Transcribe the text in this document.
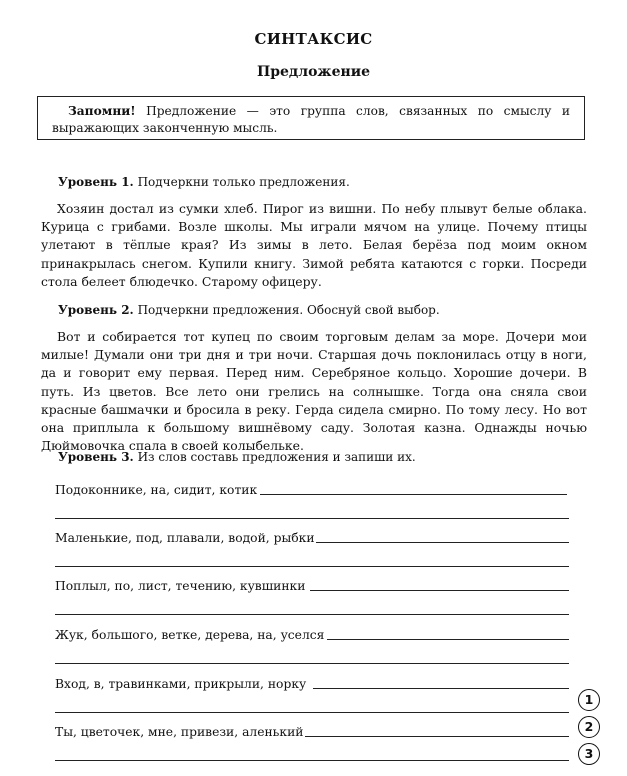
СИНТАКСИС
Предложение
Запомни! Предложение — это группа слов, связанных по смыслу и выражающих законченную мысль.
Уровень 1. Подчеркни только предложения.
Хозяин достал из сумки хлеб. Пирог из вишни. По небу плывут белые облака. Курица с грибами. Возле школы. Мы играли мячом на улице. Почему птицы улетают в тёплые края? Из зимы в лето. Белая берёза под моим окном принакрылась снегом. Купили книгу. Зимой ребята катаются с горки. Посреди стола белеет блюдечко. Старому офицеру.
Уровень 2. Подчеркни предложения. Обоснуй свой выбор.
Вот и собирается тот купец по своим торговым делам за море. Дочери мои милые! Думали они три дня и три ночи. Старшая дочь поклонилась отцу в ноги, да и говорит ему первая. Перед ним. Серебряное кольцо. Хорошие дочери. В путь. Из цветов. Все лето они грелись на солнышке. Тогда она сняла свои красные башмачки и бросила в реку. Герда сидела смирно. По тому лесу. Но вот она приплыла к большому вишнёвому саду. Золотая казна. Однажды ночью Дюймовочка спала в своей колыбельке.
Уровень 3. Из слов составь предложения и запиши их.
Подоконнике, на, сидит, котик
Маленькие, под, плавали, водой, рыбки
Поплыл, по, лист, течению, кувшинки
Жук, большого, ветке, дерева, на, уселся
Вход, в, травинками, прикрыли, норку
Ты, цветочек, мне, привези, аленький
1
2
3
